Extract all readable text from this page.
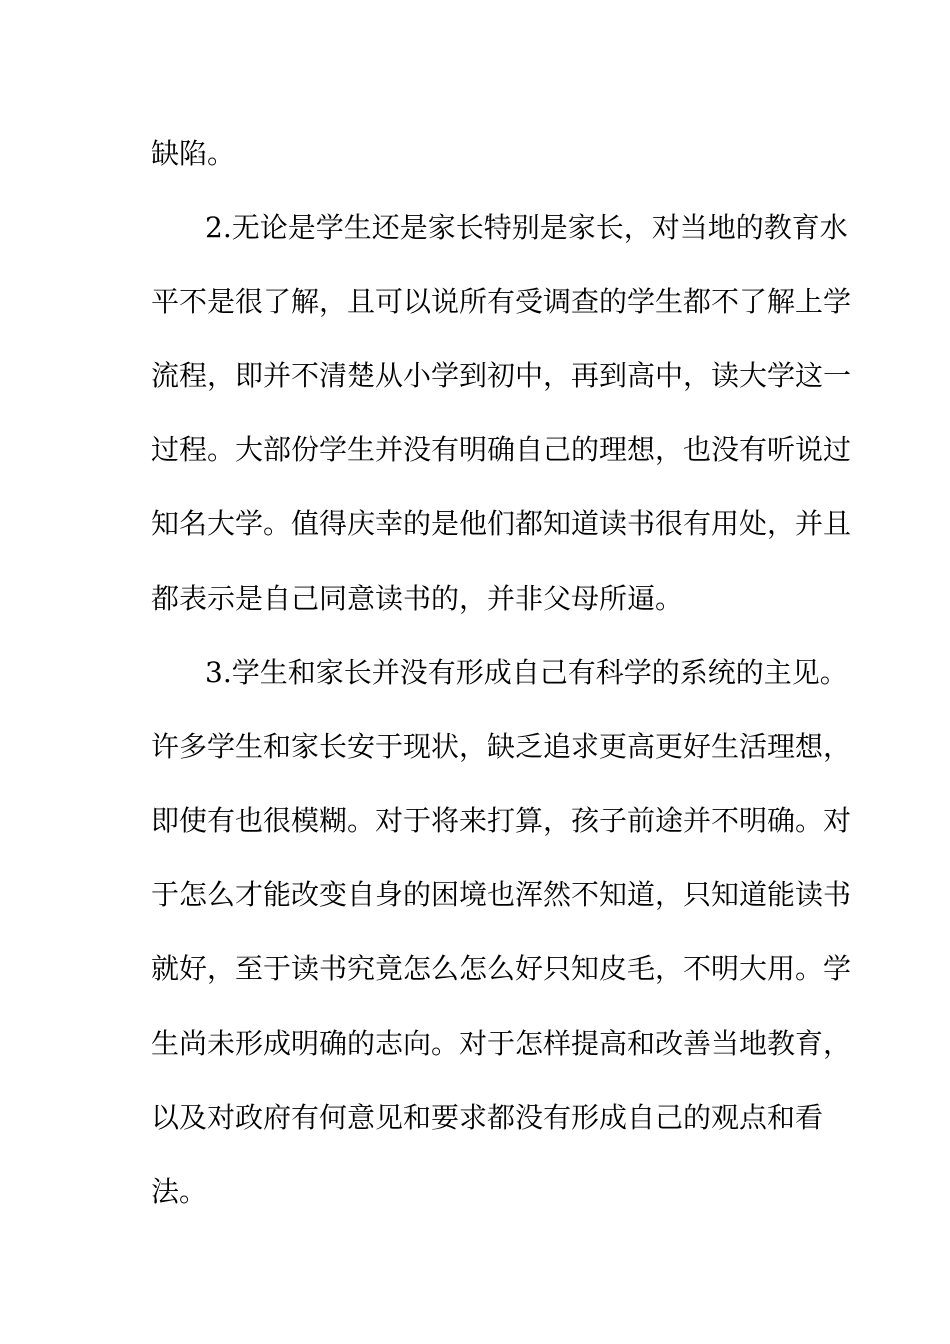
缺陷。
2.无论是学生还是家长特别是家长，对当地的教育水
平不是很了解，且可以说所有受调查的学生都不了解上学
流程，即并不清楚从小学到初中，再到高中，读大学这一
过程。大部份学生并没有明确自己的理想，也没有听说过
知名大学。值得庆幸的是他们都知道读书很有用处，并且
都表示是自己同意读书的，并非父母所逼。
3.学生和家长并没有形成自己有科学的系统的主见。
许多学生和家长安于现状，缺乏追求更高更好生活理想，
即使有也很模糊。对于将来打算，孩子前途并不明确。对
于怎么才能改变自身的困境也浑然不知道，只知道能读书
就好，至于读书究竟怎么怎么好只知皮毛，不明大用。学
生尚未形成明确的志向。对于怎样提高和改善当地教育，
以及对政府有何意见和要求都没有形成自己的观点和看
法。
